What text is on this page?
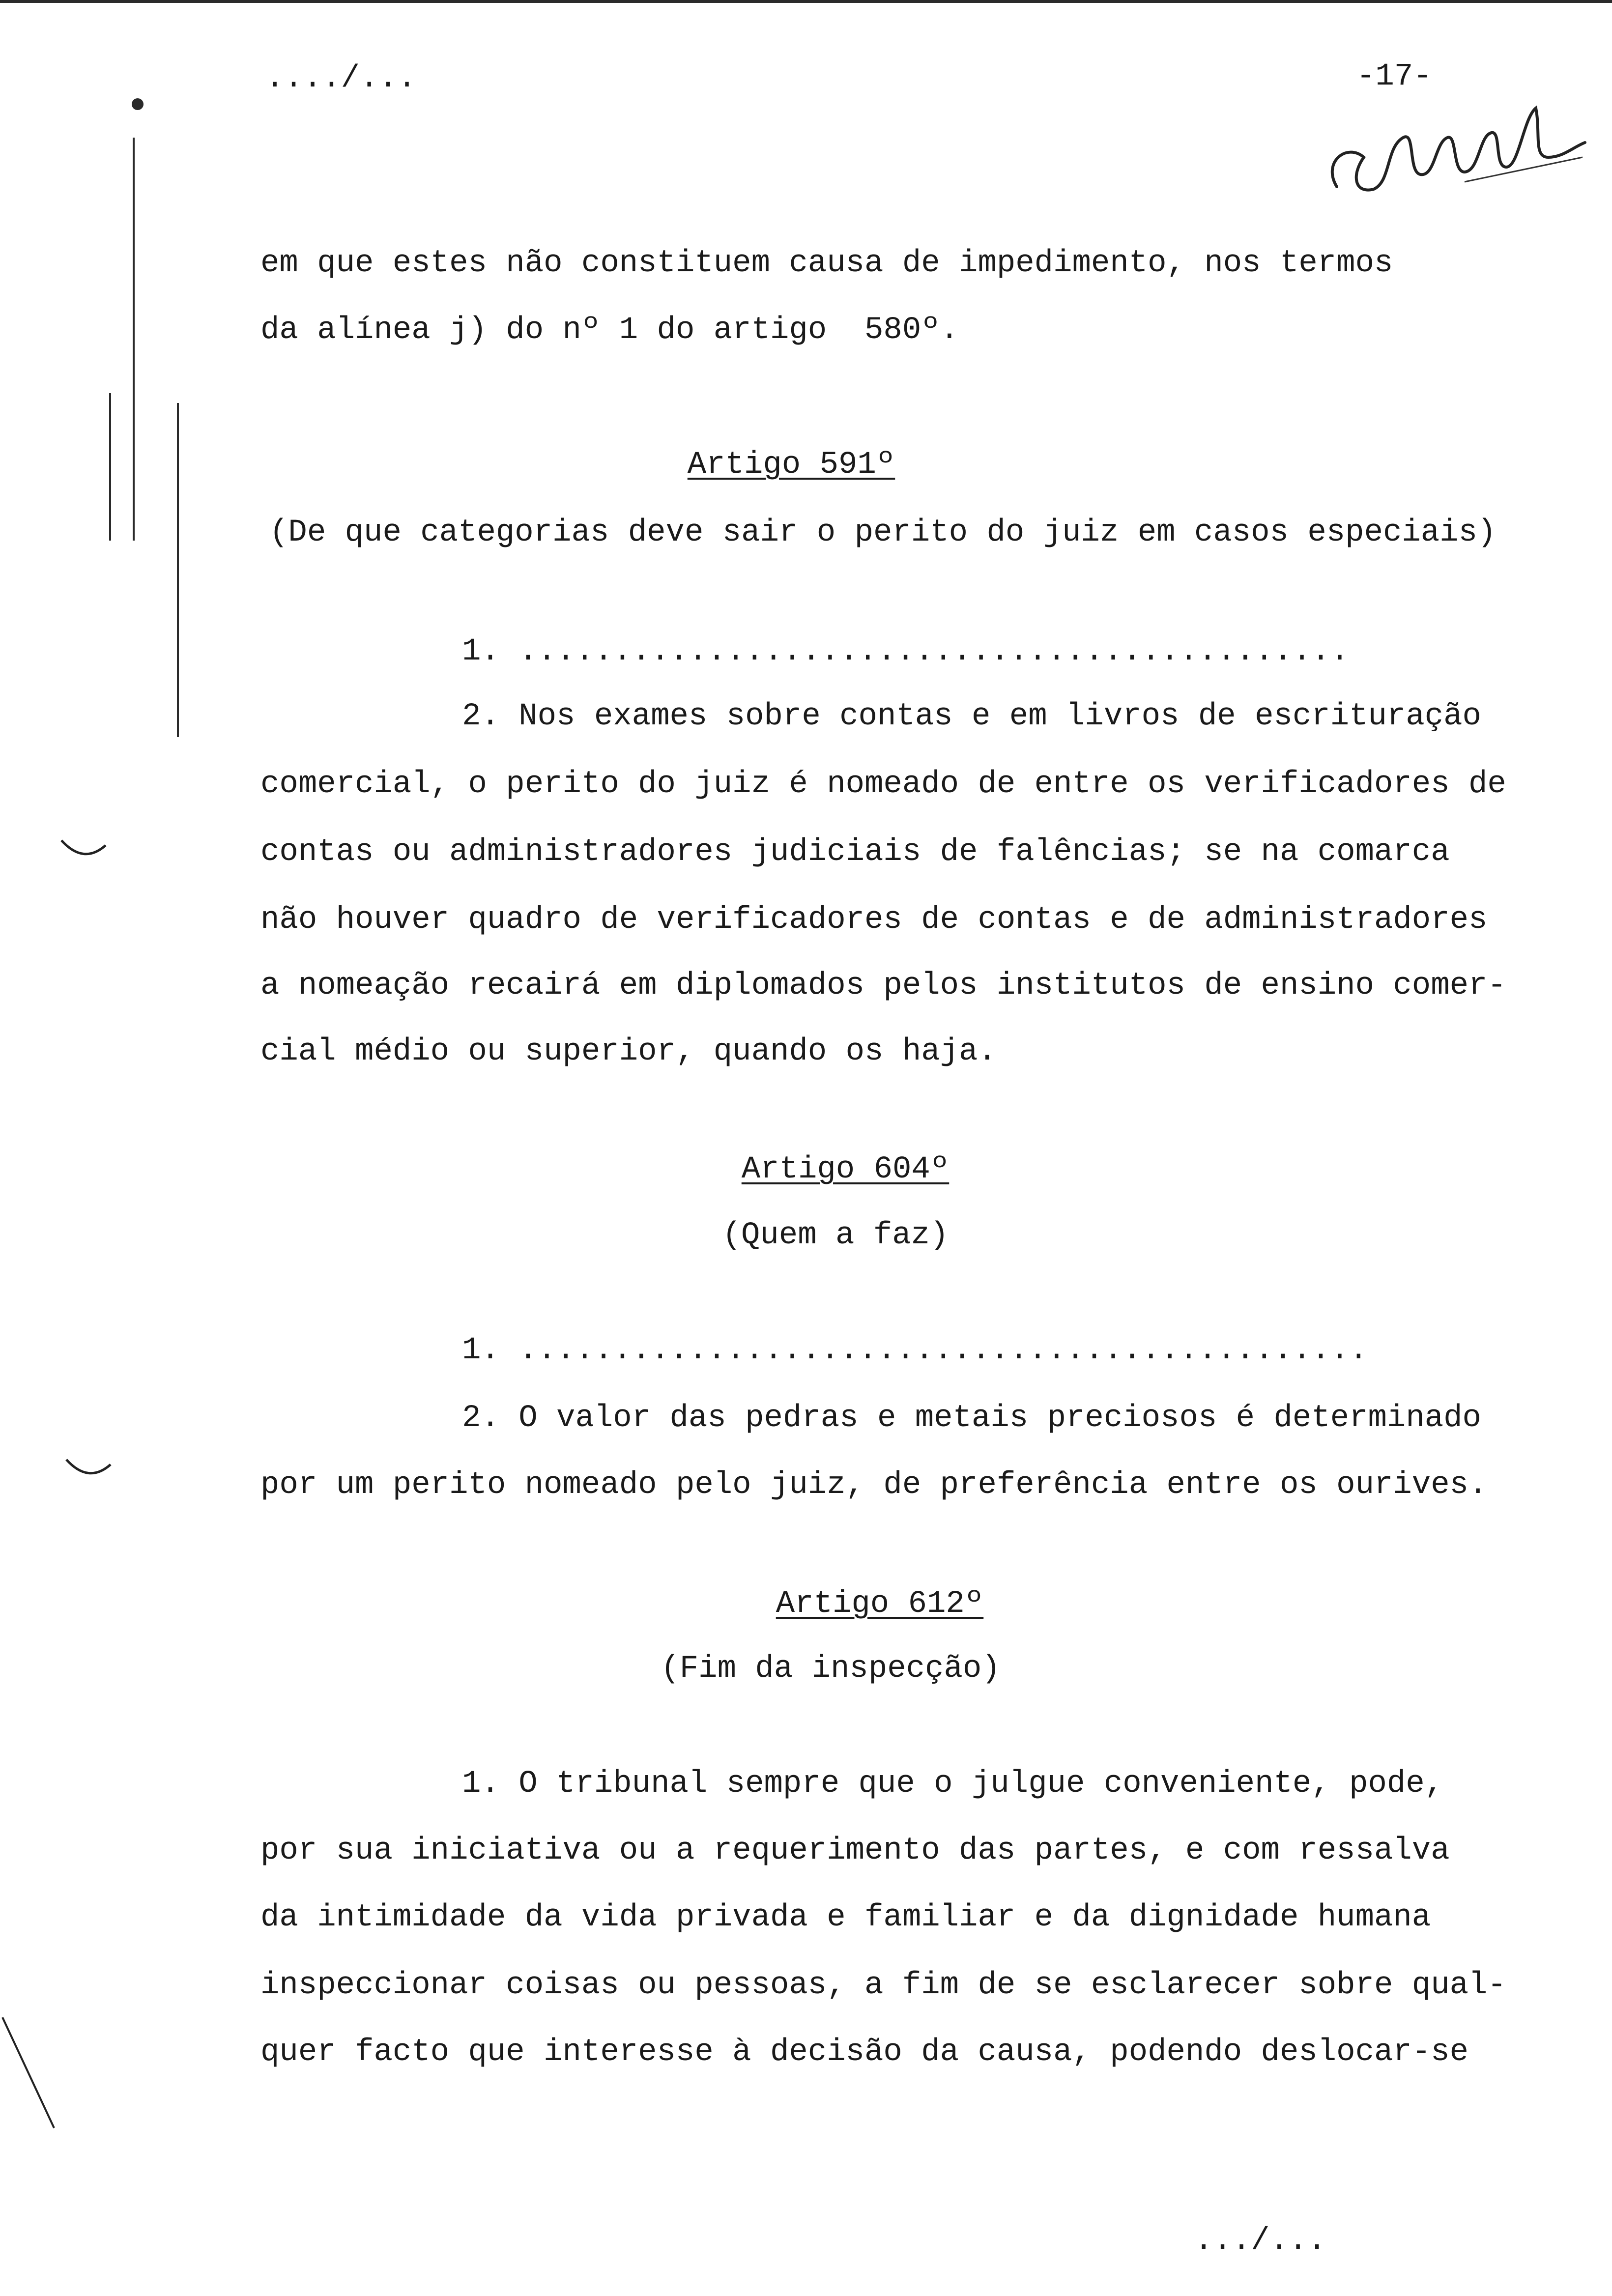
..../...	-17-
em que estes não constituem causa de impedimento, nos termos
da alínea j) do nº 1 do artigo  580º.
Artigo 591º
(De que categorias deve sair o perito do juiz em casos especiais)
1. ............................................
2. Nos exames sobre contas e em livros de escrituração
comercial, o perito do juiz é nomeado de entre os verificadores de
contas ou administradores judiciais de falências; se na comarca
não houver quadro de verificadores de contas e de administradores
a nomeação recairá em diplomados pelos institutos de ensino comer-
cial médio ou superior, quando os haja.
Artigo 604º
(Quem a faz)
1. .............................................
2. O valor das pedras e metais preciosos é determinado
por um perito nomeado pelo juiz, de preferência entre os ourives.
Artigo 612º
(Fim da inspecção)
1. O tribunal sempre que o julgue conveniente, pode,
por sua iniciativa ou a requerimento das partes, e com ressalva
da intimidade da vida privada e familiar e da dignidade humana
inspeccionar coisas ou pessoas, a fim de se esclarecer sobre qual-
quer facto que interesse à decisão da causa, podendo deslocar-se
.../...
